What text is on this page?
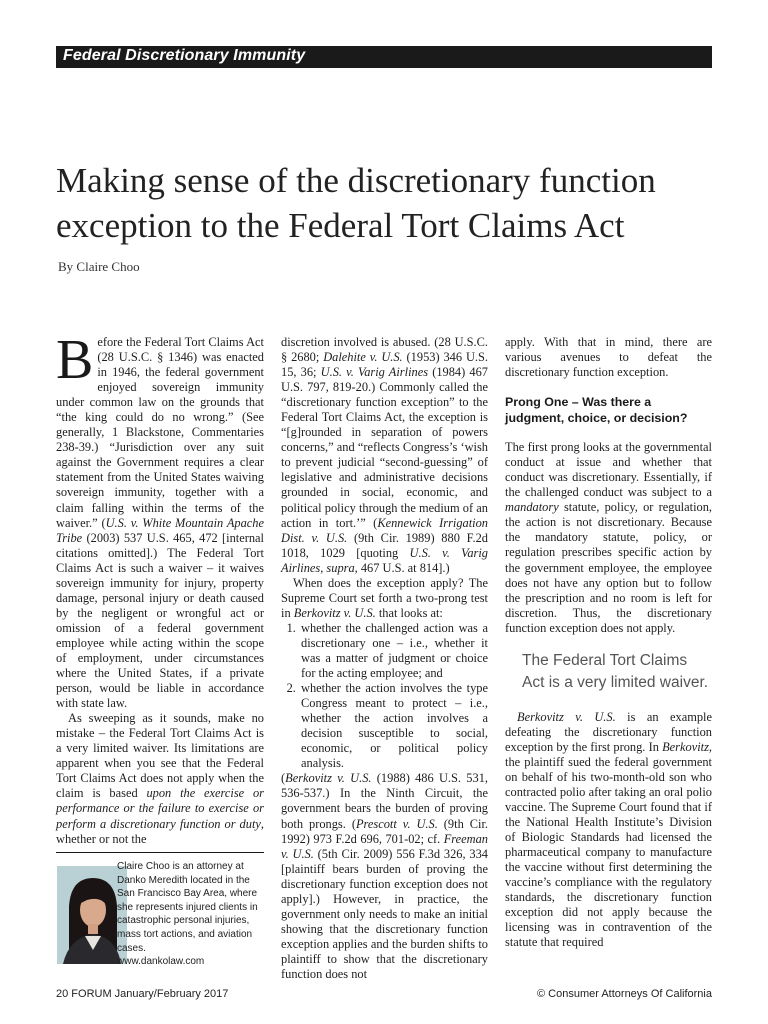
Federal Discretionary Immunity
Making sense of the discretionary function
exception to the Federal Tort Claims Act
By Claire Choo

Before the Federal Tort Claims Act (28 U.S.C. § 1346) was enacted in 1946, the federal government enjoyed sovereign immunity under common law on the grounds that “the king could do no wrong.” (See generally, 1 Blackstone, Commentaries 238-39.) “Jurisdiction over any suit against the Government requires a clear statement from the United States waiving sovereign immunity, together with a claim falling within the terms of the waiver.” (U.S. v. White Mountain Apache Tribe (2003) 537 U.S. 465, 472 [internal citations omitted].) The Federal Tort Claims Act is such a waiver – it waives sovereign immunity for injury, property damage, personal injury or death caused by the negligent or wrongful act or omission of a federal government employee while acting within the scope of employment, under circumstances where the United States, if a private person, would be liable in accordance with state law.

As sweeping as it sounds, make no mistake – the Federal Tort Claims Act is a very limited waiver. Its limitations are apparent when you see that the Federal Tort Claims Act does not apply when the claim is based upon the exercise or performance or the failure to exercise or perform a discretionary function or duty, whether or not the

Claire Choo is an attorney at Danko Meredith located in the San Francisco Bay Area, where she represents injured clients in catastrophic personal injuries, mass tort actions, and aviation cases.
www.dankolaw.com

discretion involved is abused. (28 U.S.C. § 2680; Dalehite v. U.S. (1953) 346 U.S. 15, 36; U.S. v. Varig Airlines (1984) 467 U.S. 797, 819-20.) Commonly called the “discretionary function exception” to the Federal Tort Claims Act, the exception is “[g]rounded in separation of powers concerns,” and “reflects Congress’s ‘wish to prevent judicial “second-guessing” of legislative and administrative decisions grounded in social, economic, and political policy through the medium of an action in tort.’” (Kennewick Irrigation Dist. v. U.S. (9th Cir. 1989) 880 F.2d 1018, 1029 [quoting U.S. v. Varig Airlines, supra, 467 U.S. at 814].)

When does the exception apply? The Supreme Court set forth a two-prong test in Berkovitz v. U.S. that looks at:

1. whether the challenged action was a discretionary one – i.e., whether it was a matter of judgment or choice for the acting employee; and
2. whether the action involves the type Congress meant to protect – i.e., whether the action involves a decision susceptible to social, economic, or political policy analysis.

(Berkovitz v. U.S. (1988) 486 U.S. 531, 536-537.) In the Ninth Circuit, the government bears the burden of proving both prongs. (Prescott v. U.S. (9th Cir. 1992) 973 F.2d 696, 701-02; cf. Freeman v. U.S. (5th Cir. 2009) 556 F.3d 326, 334 [plaintiff bears burden of proving the discretionary function exception does not apply].) However, in practice, the government only needs to make an initial showing that the discretionary function exception applies and the burden shifts to plaintiff to show that the discretionary function does not

apply. With that in mind, there are various avenues to defeat the discretionary function exception.

Prong One – Was there a judgment, choice, or decision?

The first prong looks at the governmental conduct at issue and whether that conduct was discretionary. Essentially, if the challenged conduct was subject to a mandatory statute, policy, or regulation, the action is not discretionary. Because the mandatory statute, policy, or regulation prescribes specific action by the government employee, the employee does not have any option but to follow the prescription and no room is left for discretion. Thus, the discretionary function exception does not apply.

The Federal Tort Claims Act is a very limited waiver.

Berkovitz v. U.S. is an example defeating the discretionary function exception by the first prong. In Berkovitz, the plaintiff sued the federal government on behalf of his two-month-old son who contracted polio after taking an oral polio vaccine. The Supreme Court found that if the National Health Institute’s Division of Biologic Standards had licensed the pharmaceutical company to manufacture the vaccine without first determining the vaccine’s compliance with the regulatory standards, the discretionary function exception did not apply because the licensing was in contravention of the statute that required

20 FORUM January/February 2017	© Consumer Attorneys Of California
